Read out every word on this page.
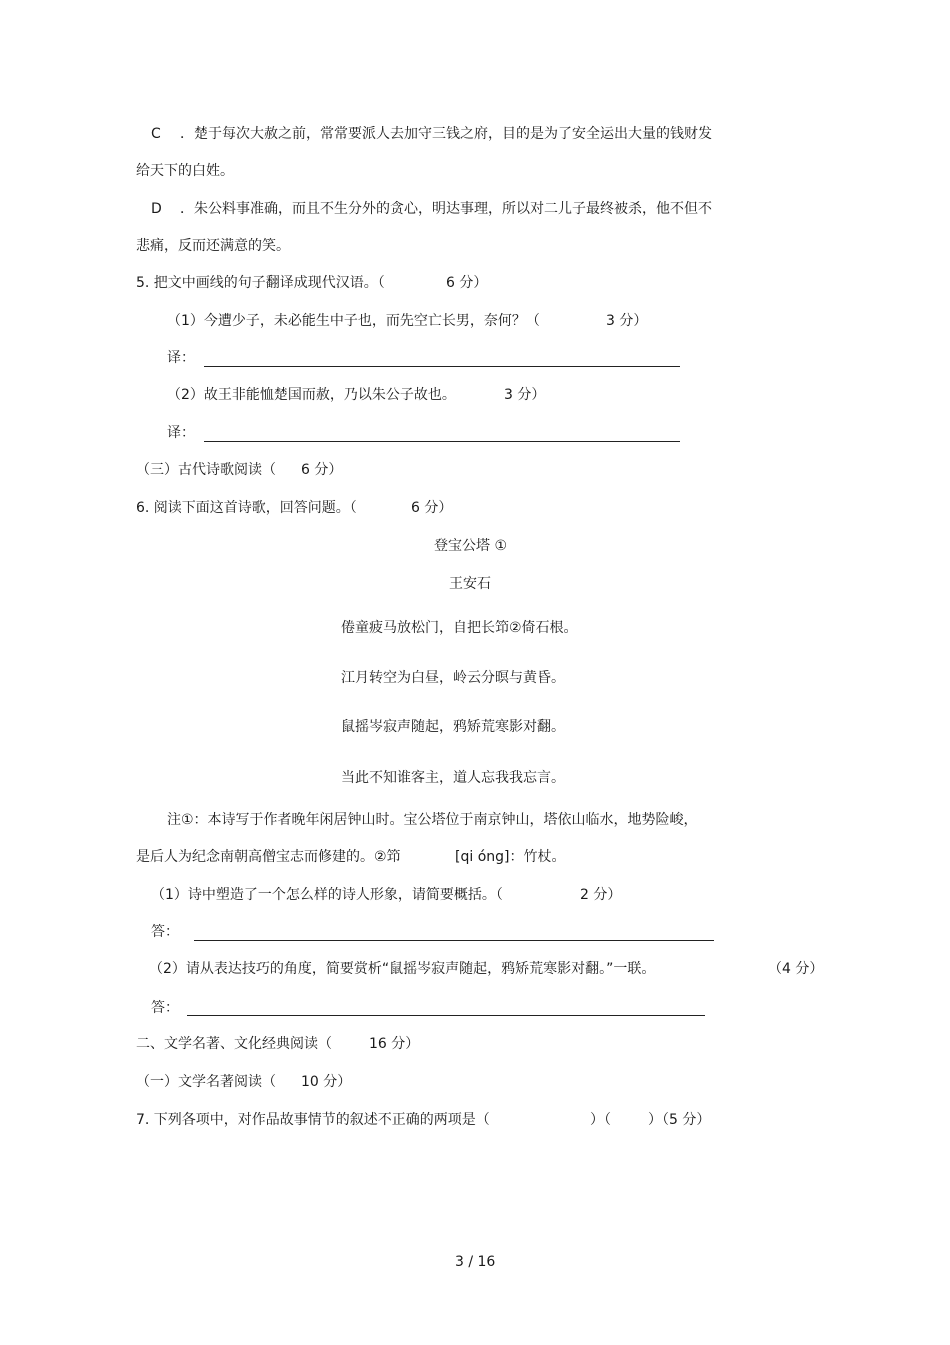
C ．楚于每次大赦之前，常常要派人去加守三钱之府，目的是为了安全运出大量的钱财发
给天下的白姓。
D ．朱公料事准确，而且不生分外的贪心，明达事理，所以对二儿子最终被杀，他不但不
悲痛，反而还满意的笑。
5. 把文中画线的句子翻译成现代汉语。（	6 分）
（1）今遭少子，未必能生中子也，而先空亡长男，奈何？（	3 分）
译：
（2）故王非能恤楚国而赦，乃以朱公子故也。	3 分）
译：
（三）古代诗歌阅读（ 6 分）
6. 阅读下面这首诗歌，回答问题。（	6 分）
登宝公塔 ①
王安石
倦童疲马放松门，自把长笻②倚石根。
江月转空为白昼，岭云分暝与黄昏。
鼠摇岑寂声随起，鸦矫荒寒影对翻。
当此不知谁客主，道人忘我我忘言。
注①：本诗写于作者晚年闲居钟山时。宝公塔位于南京钟山，塔依山临水，地势险峻，
是后人为纪念南朝高僧宝志而修建的。②笻	[qi óng]：竹杖。
（1）诗中塑造了一个怎么样的诗人形象，请简要概括。（	2 分）
答：
（2）请从表达技巧的角度，简要赏析“鼠摇岑寂声随起，鸦矫荒寒影对翻。”一联。	（4 分）
答：
二、文学名著、文化经典阅读（	16 分）
（一）文学名著阅读（ 10 分）
7. 下列各项中，对作品故事情节的叙述不正确的两项是（	）（	）（5 分）
3 / 16
